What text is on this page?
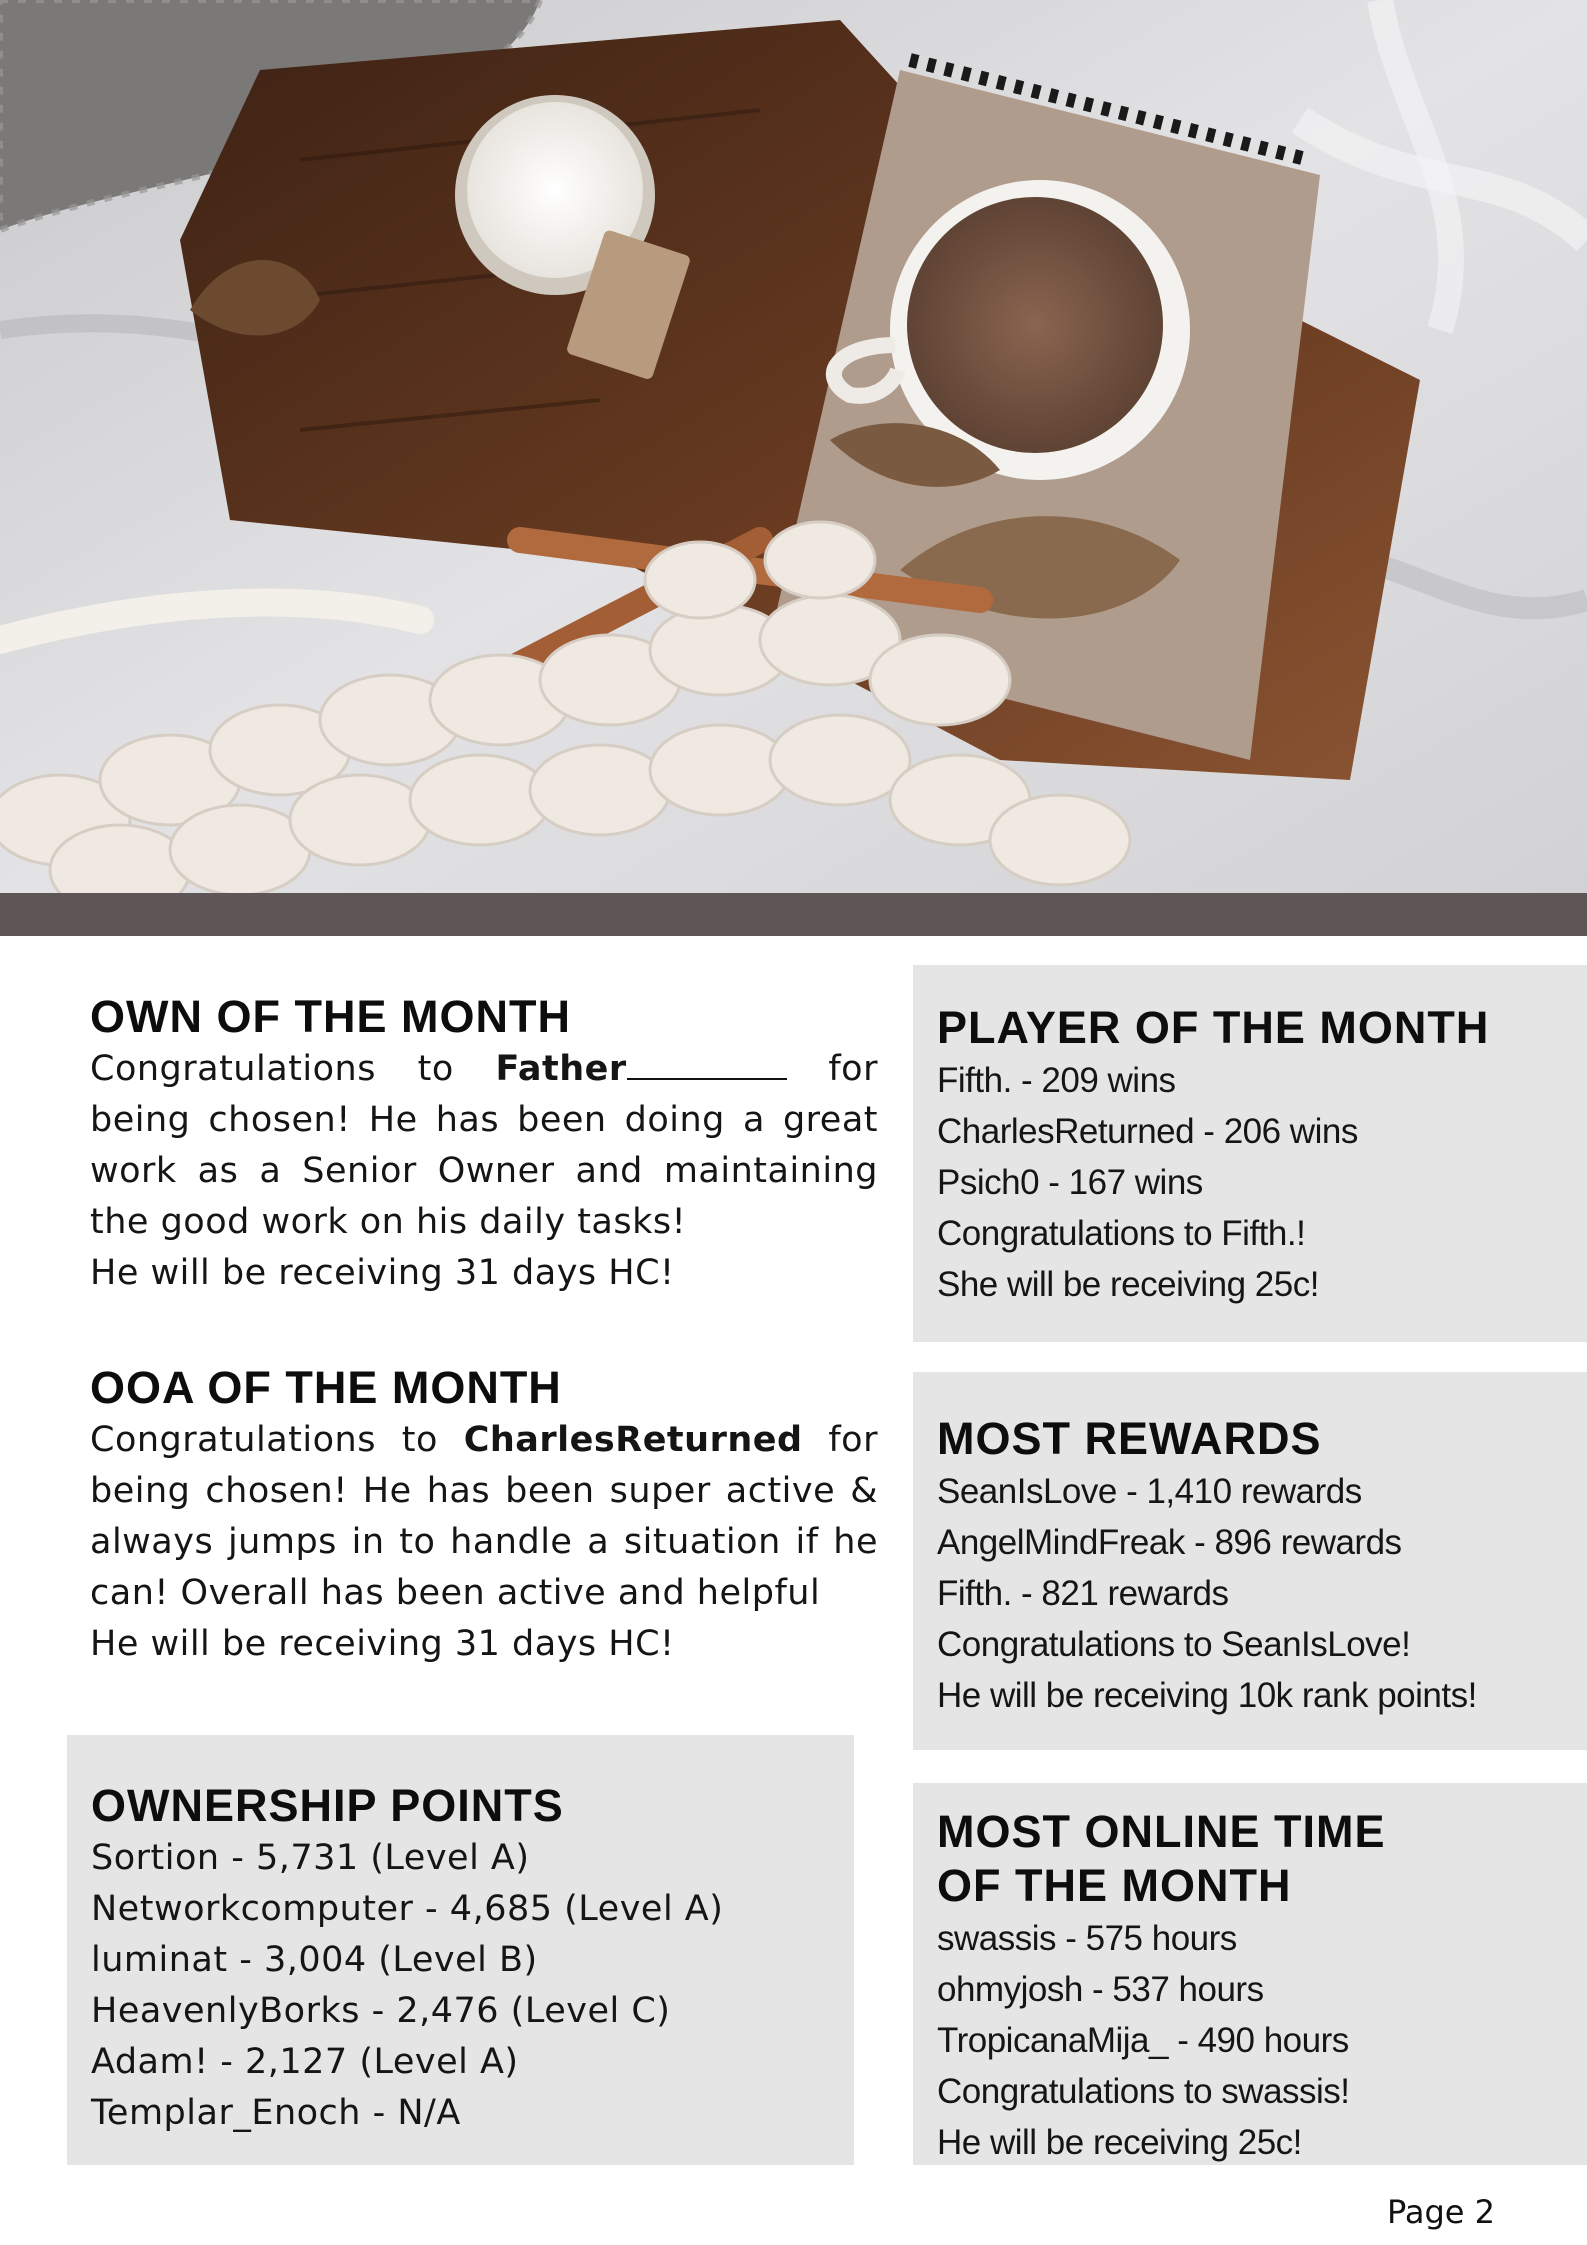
OWN OF THE MONTH

Congratulations to Father	for being chosen! He has been doing a great work as a Senior Owner and maintaining the good work on his daily tasks!

He will be receiving 31 days HC!

OOA OF THE MONTH

Congratulations to CharlesReturned for being chosen! He has been super active & always jumps in to handle a situation if he can! Overall has been active and helpful

He will be receiving 31 days HC!

OWNERSHIP POINTS

Sortion - 5,731 (Level A)

Networkcomputer - 4,685 (Level A)

luminat - 3,004 (Level B)

HeavenlyBorks - 2,476 (Level C)

Adam! - 2,127 (Level A)

Templar_Enoch - N/A

PLAYER OF THE MONTH

Fifth. - 209 wins

CharlesReturned - 206 wins

Psich0 - 167 wins

Congratulations to Fifth.!

She will be receiving 25c!

MOST REWARDS

SeanIsLove - 1,410 rewards

AngelMindFreak - 896 rewards

Fifth. - 821 rewards

Congratulations to SeanIsLove!

He will be receiving 10k rank points!

MOST ONLINE TIME
OF THE MONTH

swassis - 575 hours

ohmyjosh - 537 hours

TropicanaMija_ - 490 hours

Congratulations to swassis!

He will be receiving 25c!

Page 2
